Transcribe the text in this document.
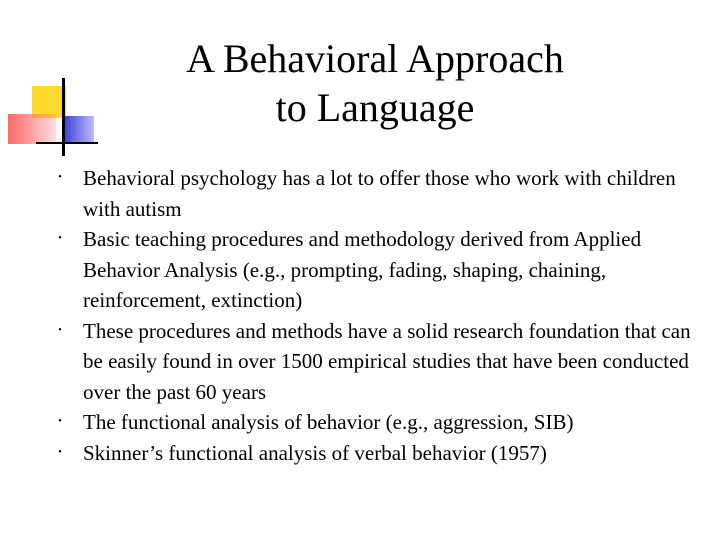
A Behavioral Approach
to Language
• Behavioral psychology has a lot to offer those who work with children with autism
• Basic teaching procedures and methodology derived from Applied Behavior Analysis (e.g., prompting, fading, shaping, chaining, reinforcement, extinction)
• These procedures and methods have a solid research foundation that can be easily found in over 1500 empirical studies that have been conducted over the past 60 years
• The functional analysis of behavior (e.g., aggression, SIB)
• Skinner’s functional analysis of verbal behavior (1957)
